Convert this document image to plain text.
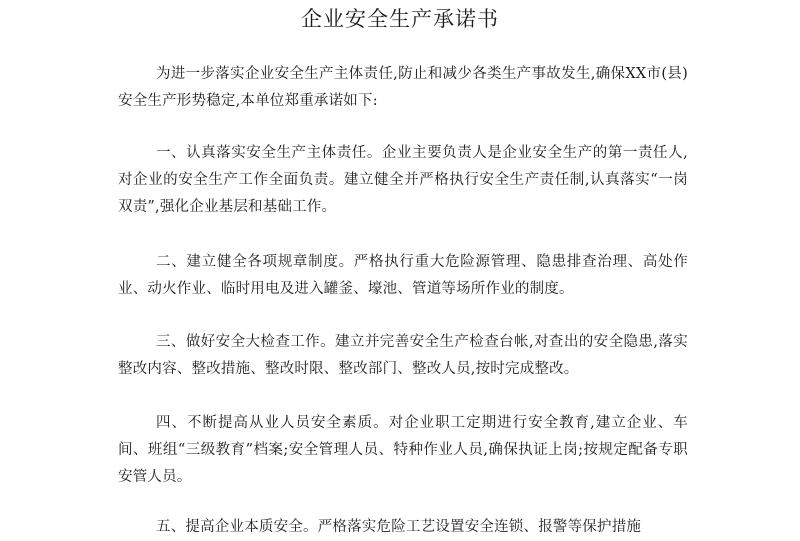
企业安全生产承诺书

为进一步落实企业安全生产主体责任,防止和减少各类生产事故发生,确保XX市(县)安全生产形势稳定,本单位郑重承诺如下:

一、认真落实安全生产主体责任。企业主要负责人是企业安全生产的第一责任人,对企业的安全生产工作全面负责。建立健全并严格执行安全生产责任制,认真落实“一岗双责”,强化企业基层和基础工作。

二、建立健全各项规章制度。严格执行重大危险源管理、隐患排查治理、高处作业、动火作业、临时用电及进入罐釜、壕池、管道等场所作业的制度。

三、做好安全大检查工作。建立并完善安全生产检查台帐,对查出的安全隐患,落实整改内容、整改措施、整改时限、整改部门、整改人员,按时完成整改。

四、不断提高从业人员安全素质。对企业职工定期进行安全教育,建立企业、车间、班组“三级教育”档案;安全管理人员、特种作业人员,确保执证上岗;按规定配备专职安管人员。

五、提高企业本质安全。严格落实危险工艺设置安全连锁、报警等保护措施
